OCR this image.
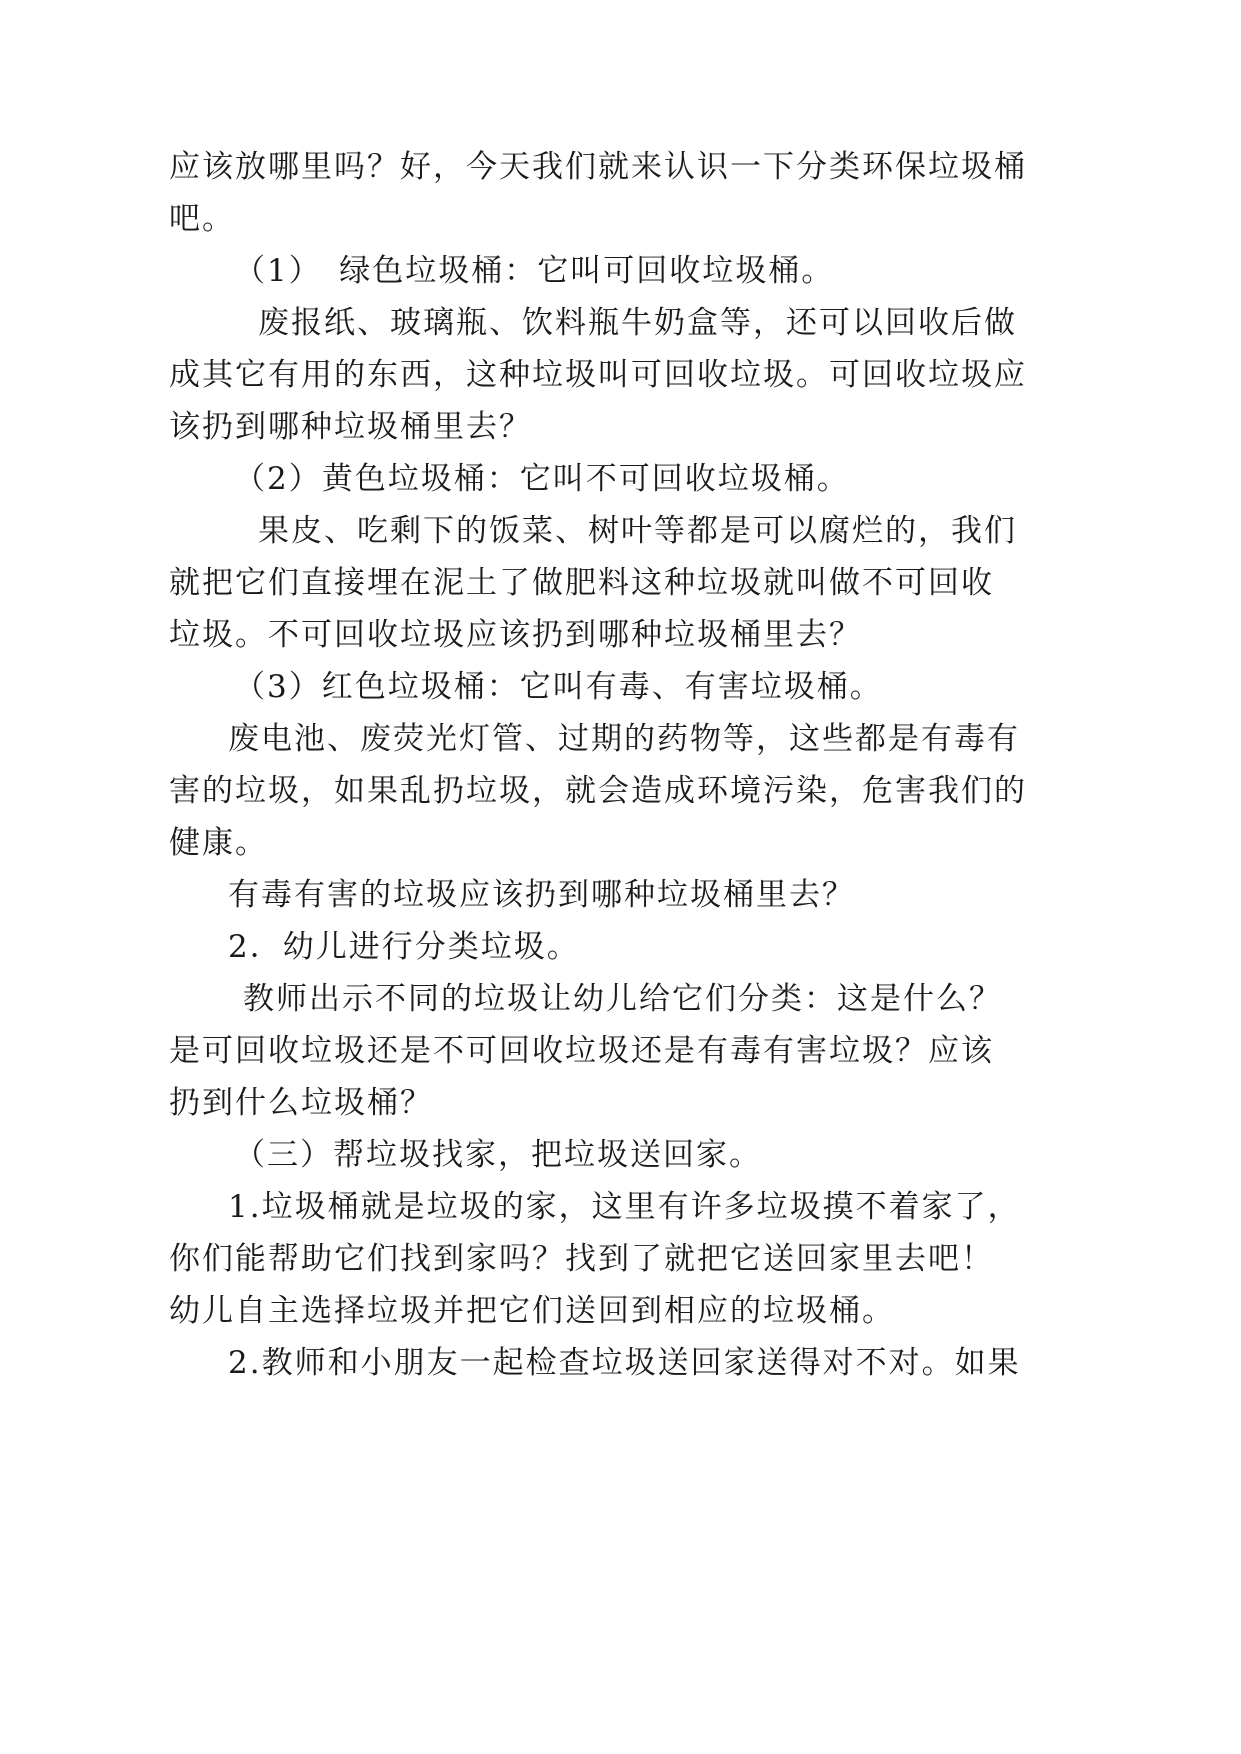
应该放哪里吗？好，今天我们就来认识一下分类环保垃圾桶

吧。

（1）　绿色垃圾桶：它叫可回收垃圾桶。

废报纸、玻璃瓶、饮料瓶牛奶盒等，还可以回收后做

成其它有用的东西，这种垃圾叫可回收垃圾。可回收垃圾应

该扔到哪种垃圾桶里去？

（2）黄色垃圾桶：它叫不可回收垃圾桶。

果皮、吃剩下的饭菜、树叶等都是可以腐烂的，我们

就把它们直接埋在泥土了做肥料这种垃圾就叫做不可回收

垃圾。不可回收垃圾应该扔到哪种垃圾桶里去？

（3）红色垃圾桶：它叫有毒、有害垃圾桶。

废电池、废荧光灯管、过期的药物等，这些都是有毒有

害的垃圾，如果乱扔垃圾，就会造成环境污染，危害我们的

健康。

有毒有害的垃圾应该扔到哪种垃圾桶里去？

2．幼儿进行分类垃圾。

教师出示不同的垃圾让幼儿给它们分类：这是什么？

是可回收垃圾还是不可回收垃圾还是有毒有害垃圾？应该

扔到什么垃圾桶？

（三）帮垃圾找家，把垃圾送回家。

1.垃圾桶就是垃圾的家，这里有许多垃圾摸不着家了，

你们能帮助它们找到家吗？找到了就把它送回家里去吧！

幼儿自主选择垃圾并把它们送回到相应的垃圾桶。

2.教师和小朋友一起检查垃圾送回家送得对不对。如果
